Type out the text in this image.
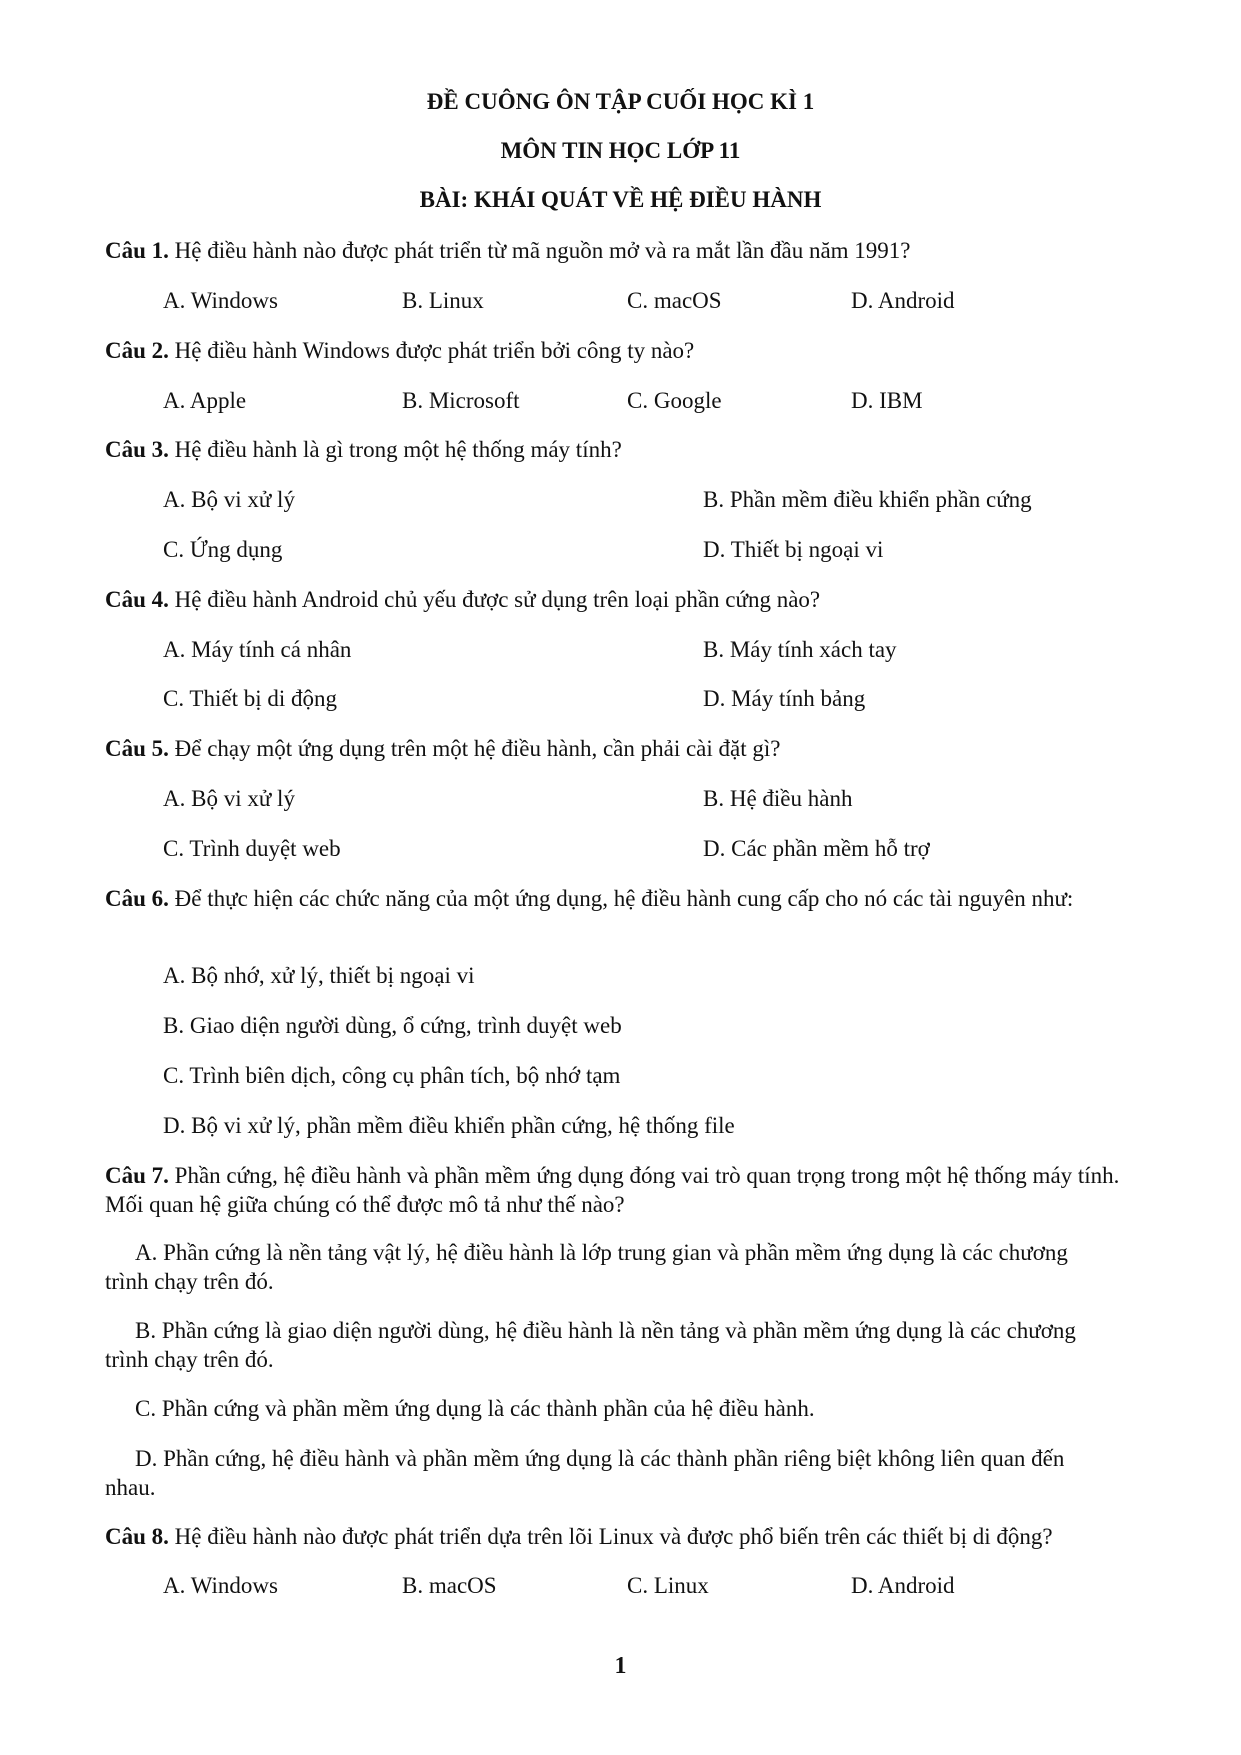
ĐỀ CUÔNG ÔN TẬP CUỐI HỌC KÌ 1
MÔN TIN HỌC LỚP 11
BÀI: KHÁI QUÁT VỀ HỆ ĐIỀU HÀNH
Câu 1. Hệ điều hành nào được phát triển từ mã nguồn mở và ra mắt lần đầu năm 1991?
A. Windows	B. Linux	C. macOS	D. Android
Câu 2. Hệ điều hành Windows được phát triển bởi công ty nào?
A. Apple	B. Microsoft	C. Google	D. IBM
Câu 3. Hệ điều hành là gì trong một hệ thống máy tính?
A. Bộ vi xử lý	B. Phần mềm điều khiển phần cứng
C. Ứng dụng	D. Thiết bị ngoại vi
Câu 4. Hệ điều hành Android chủ yếu được sử dụng trên loại phần cứng nào?
A. Máy tính cá nhân	B. Máy tính xách tay
C. Thiết bị di động	D. Máy tính bảng
Câu 5. Để chạy một ứng dụng trên một hệ điều hành, cần phải cài đặt gì?
A. Bộ vi xử lý	B. Hệ điều hành
C. Trình duyệt web	D. Các phần mềm hỗ trợ
Câu 6. Để thực hiện các chức năng của một ứng dụng, hệ điều hành cung cấp cho nó các tài nguyên như:
A. Bộ nhớ, xử lý, thiết bị ngoại vi
B. Giao diện người dùng, ổ cứng, trình duyệt web
C. Trình biên dịch, công cụ phân tích, bộ nhớ tạm
D. Bộ vi xử lý, phần mềm điều khiển phần cứng, hệ thống file
Câu 7. Phần cứng, hệ điều hành và phần mềm ứng dụng đóng vai trò quan trọng trong một hệ thống máy tính. Mối quan hệ giữa chúng có thể được mô tả như thế nào?
A. Phần cứng là nền tảng vật lý, hệ điều hành là lớp trung gian và phần mềm ứng dụng là các chương trình chạy trên đó.
B. Phần cứng là giao diện người dùng, hệ điều hành là nền tảng và phần mềm ứng dụng là các chương trình chạy trên đó.
C. Phần cứng và phần mềm ứng dụng là các thành phần của hệ điều hành.
D. Phần cứng, hệ điều hành và phần mềm ứng dụng là các thành phần riêng biệt không liên quan đến nhau.
Câu 8. Hệ điều hành nào được phát triển dựa trên lõi Linux và được phổ biến trên các thiết bị di động?
A. Windows	B. macOS	C. Linux	D. Android
1
